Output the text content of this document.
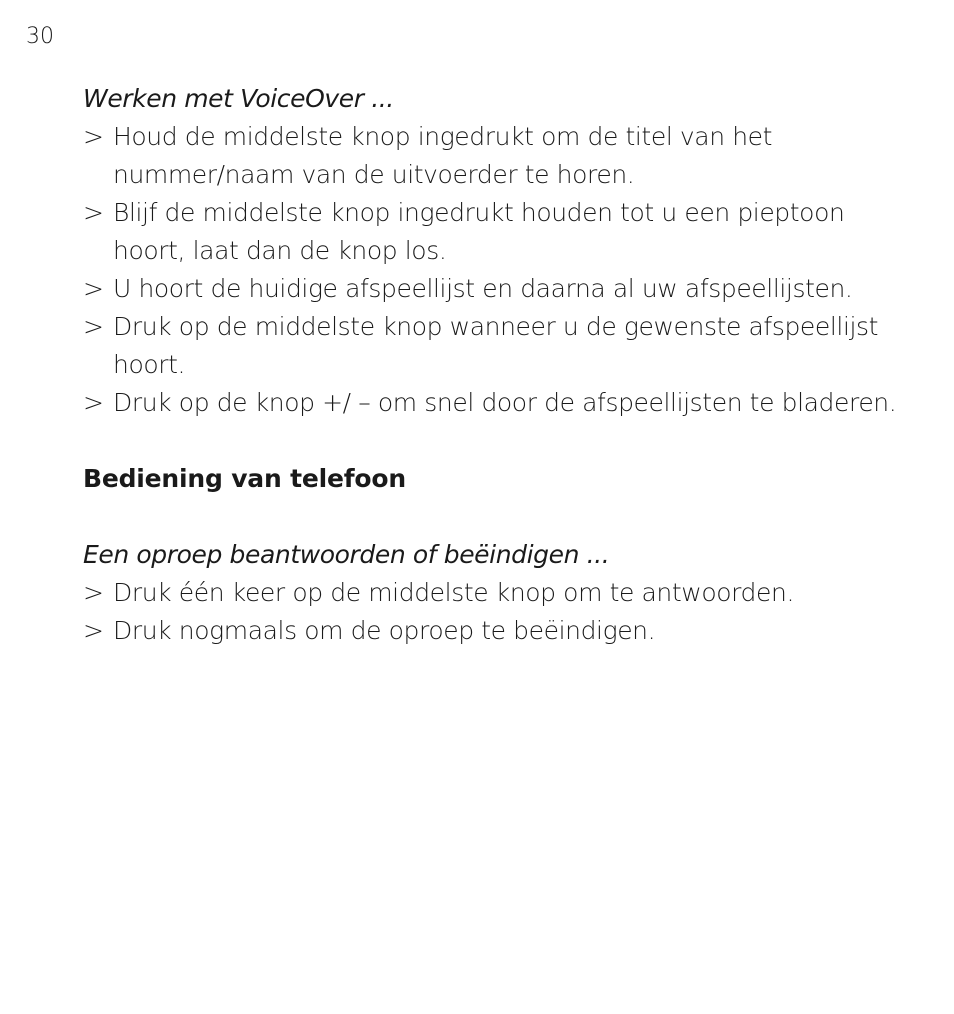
30

Werken met VoiceOver ...

> Houd de middelste knop ingedrukt om de titel van het nummer/naam van de uitvoerder te horen.
> Blijf de middelste knop ingedrukt houden tot u een pieptoon hoort, laat dan de knop los.
> U hoort de huidige afspeellijst en daarna al uw afspeellijsten.
> Druk op de middelste knop wanneer u de gewenste afspeellijst hoort.
> Druk op de knop +/ – om snel door de afspeellijsten te bladeren.

Bediening van telefoon

Een oproep beantwoorden of beëindigen ...

> Druk één keer op de middelste knop om te antwoorden.
> Druk nogmaals om de oproep te beëindigen.
